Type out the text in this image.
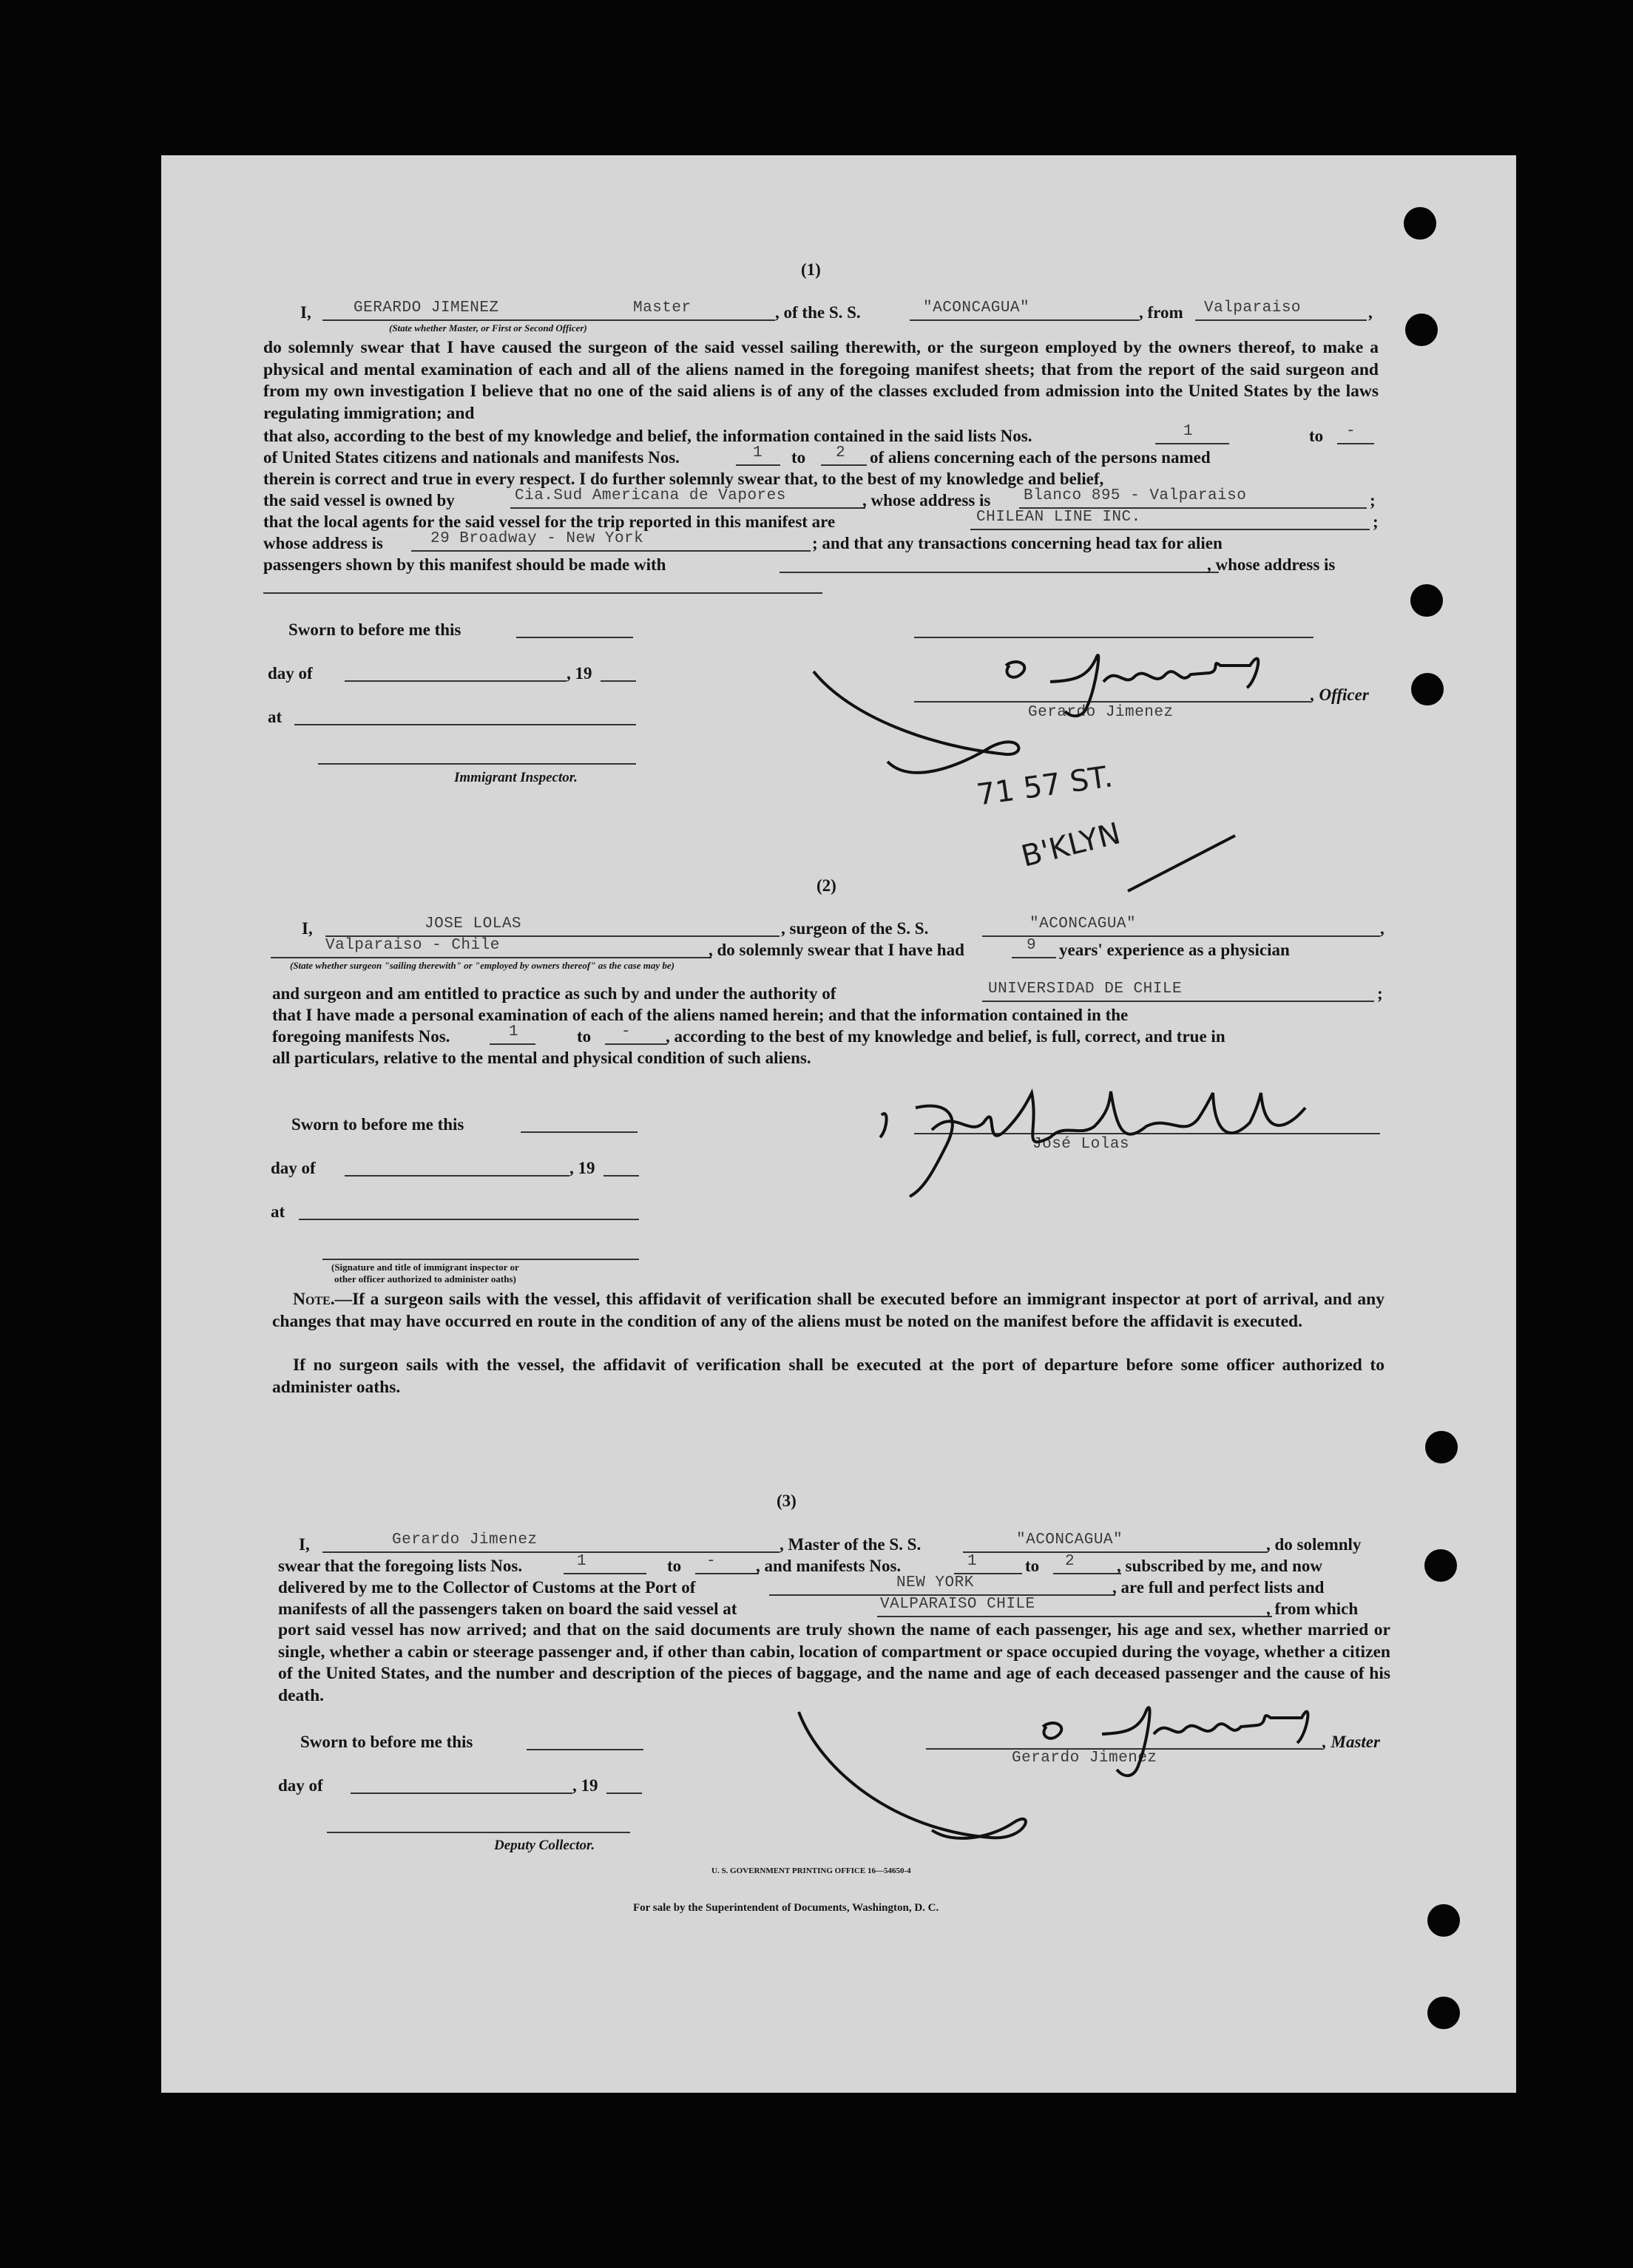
(1)
I,	GERARDO JIMENEZ	Master	, of the S. S.	"ACONCAGUA"	, from Valparaiso	,
(State whether Master, or First or Second Officer)
do solemnly swear that I have caused the surgeon of the said vessel sailing therewith, or the surgeon employed by the owners thereof, to make a physical and mental examination of each and all of the aliens named in the foregoing manifest sheets; that from the report of the said surgeon and from my own investigation I believe that no one of the said aliens is of any of the classes excluded from admission into the United States by the laws regulating immigration; and
that also, according to the best of my knowledge and belief, the information contained in the said lists Nos.	1	to -
of United States citizens and nationals and manifests Nos.	1 to 2 of aliens concerning each of the persons named
therein is correct and true in every respect. I do further solemnly swear that, to the best of my knowledge and belief,
the said vessel is owned by	Cia.Sud Americana de Vapores	, whose address is Blanco 895 - Valparaiso	;
that the local agents for the said vessel for the trip reported in this manifest are	CHILEAN LINE INC.	;
whose address is	29 Broadway - New York	; and that any transactions concerning head tax for alien
passengers shown by this manifest should be made with	, whose address is
Sworn to before me this
day of	, 19
at
Immigrant Inspector.
, Officer
Gerardo Jimenez
71 57 ST.
B'KLYN
(2)
I,	JOSE LOLAS	, surgeon of the S. S.	"ACONCAGUA"	,
Valparaiso - Chile	, do solemnly swear that I have had	9 years' experience as a physician
(State whether surgeon "sailing therewith" or "employed by owners thereof" as the case may be)
and surgeon and am entitled to practice as such by and under the authority of	UNIVERSIDAD DE CHILE	;
that I have made a personal examination of each of the aliens named herein; and that the information contained in the
foregoing manifests Nos.	1	to - , according to the best of my knowledge and belief, is full, correct, and true in
all particulars, relative to the mental and physical condition of such aliens.
Sworn to before me this
day of	, 19
at
(Signature and title of immigrant inspector or
other officer authorized to administer oaths)
José Lolas
Note.—If a surgeon sails with the vessel, this affidavit of verification shall be executed before an immigrant inspector at port of arrival, and any changes that may have occurred en route in the condition of any of the aliens must be noted on the manifest before the affidavit is executed.
If no surgeon sails with the vessel, the affidavit of verification shall be executed at the port of departure before some officer authorized to administer oaths.
(3)
I,	Gerardo Jimenez	, Master of the S. S.	"ACONCAGUA"	, do solemnly
swear that the foregoing lists Nos.	1	to - , and manifests Nos.	1	to 2 , subscribed by me, and now
delivered by me to the Collector of Customs at the Port of	NEW YORK	, are full and perfect lists and
manifests of all the passengers taken on board the said vessel at	VALPARAISO CHILE	, from which
port said vessel has now arrived; and that on the said documents are truly shown the name of each passenger, his age and sex, whether married or single, whether a cabin or steerage passenger and, if other than cabin, location of compartment or space occupied during the voyage, whether a citizen of the United States, and the number and description of the pieces of baggage, and the name and age of each deceased passenger and the cause of his death.
Sworn to before me this
day of	, 19
Deputy Collector.
, Master
Gerardo Jimenez
U. S. GOVERNMENT PRINTING OFFICE 16—54650-4
For sale by the Superintendent of Documents, Washington, D. C.
